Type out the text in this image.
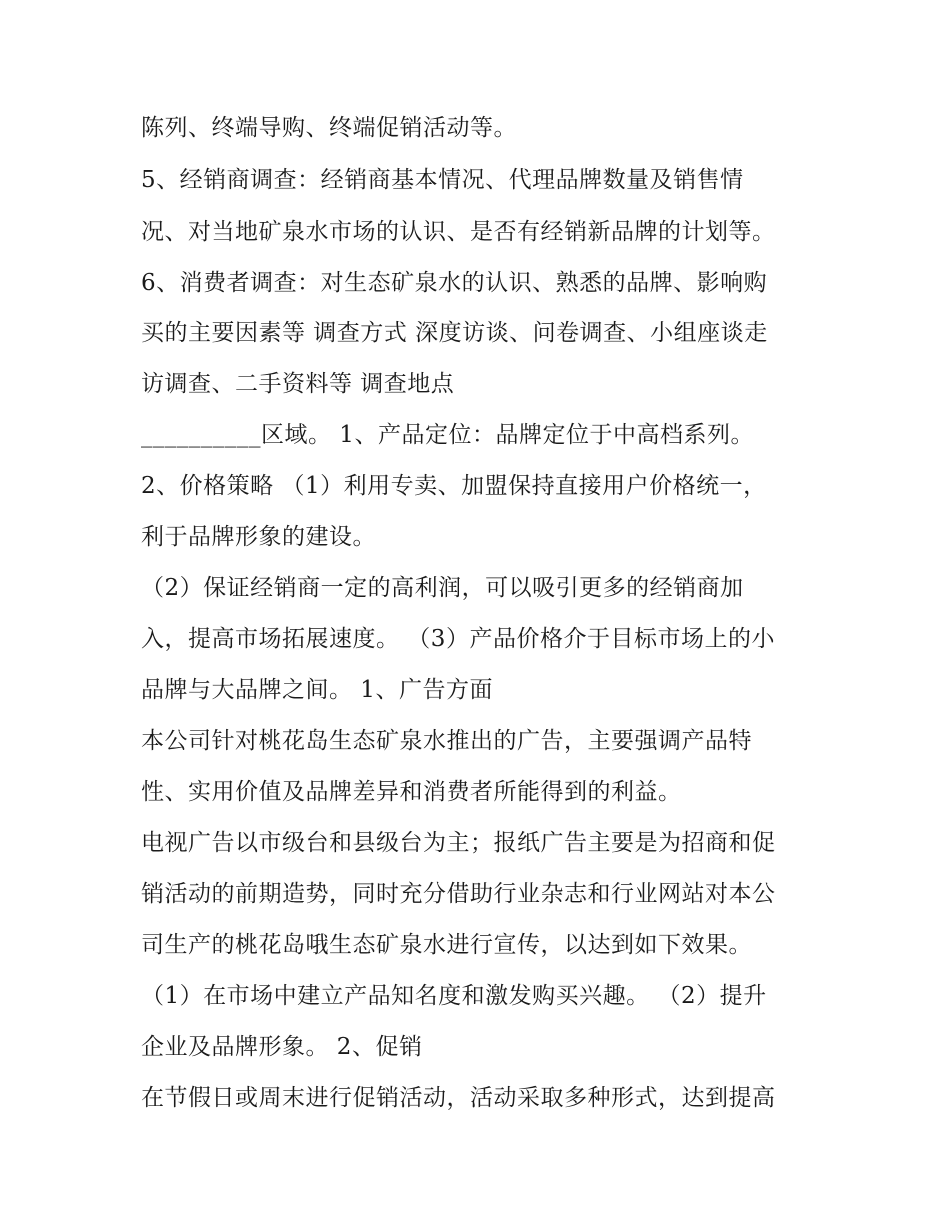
陈列、终端导购、终端促销活动等。
5、经销商调查：经销商基本情况、代理品牌数量及销售情
况、对当地矿泉水市场的认识、是否有经销新品牌的计划等。
6、消费者调查：对生态矿泉水的认识、熟悉的品牌、影响购
买的主要因素等 调查方式 深度访谈、问卷调查、小组座谈走
访调查、二手资料等 调查地点
__________区域。 1、产品定位：品牌定位于中高档系列。
2、价格策略 （1）利用专卖、加盟保持直接用户价格统一，
利于品牌形象的建设。
（2）保证经销商一定的高利润，可以吸引更多的经销商加
入，提高市场拓展速度。 （3）产品价格介于目标市场上的小
品牌与大品牌之间。 1、广告方面
本公司针对桃花岛生态矿泉水推出的广告，主要强调产品特
性、实用价值及品牌差异和消费者所能得到的利益。
电视广告以市级台和县级台为主；报纸广告主要是为招商和促
销活动的前期造势，同时充分借助行业杂志和行业网站对本公
司生产的桃花岛哦生态矿泉水进行宣传，以达到如下效果。
（1）在市场中建立产品知名度和激发购买兴趣。 （2）提升
企业及品牌形象。 2、促销
在节假日或周末进行促销活动，活动采取多种形式，达到提高
